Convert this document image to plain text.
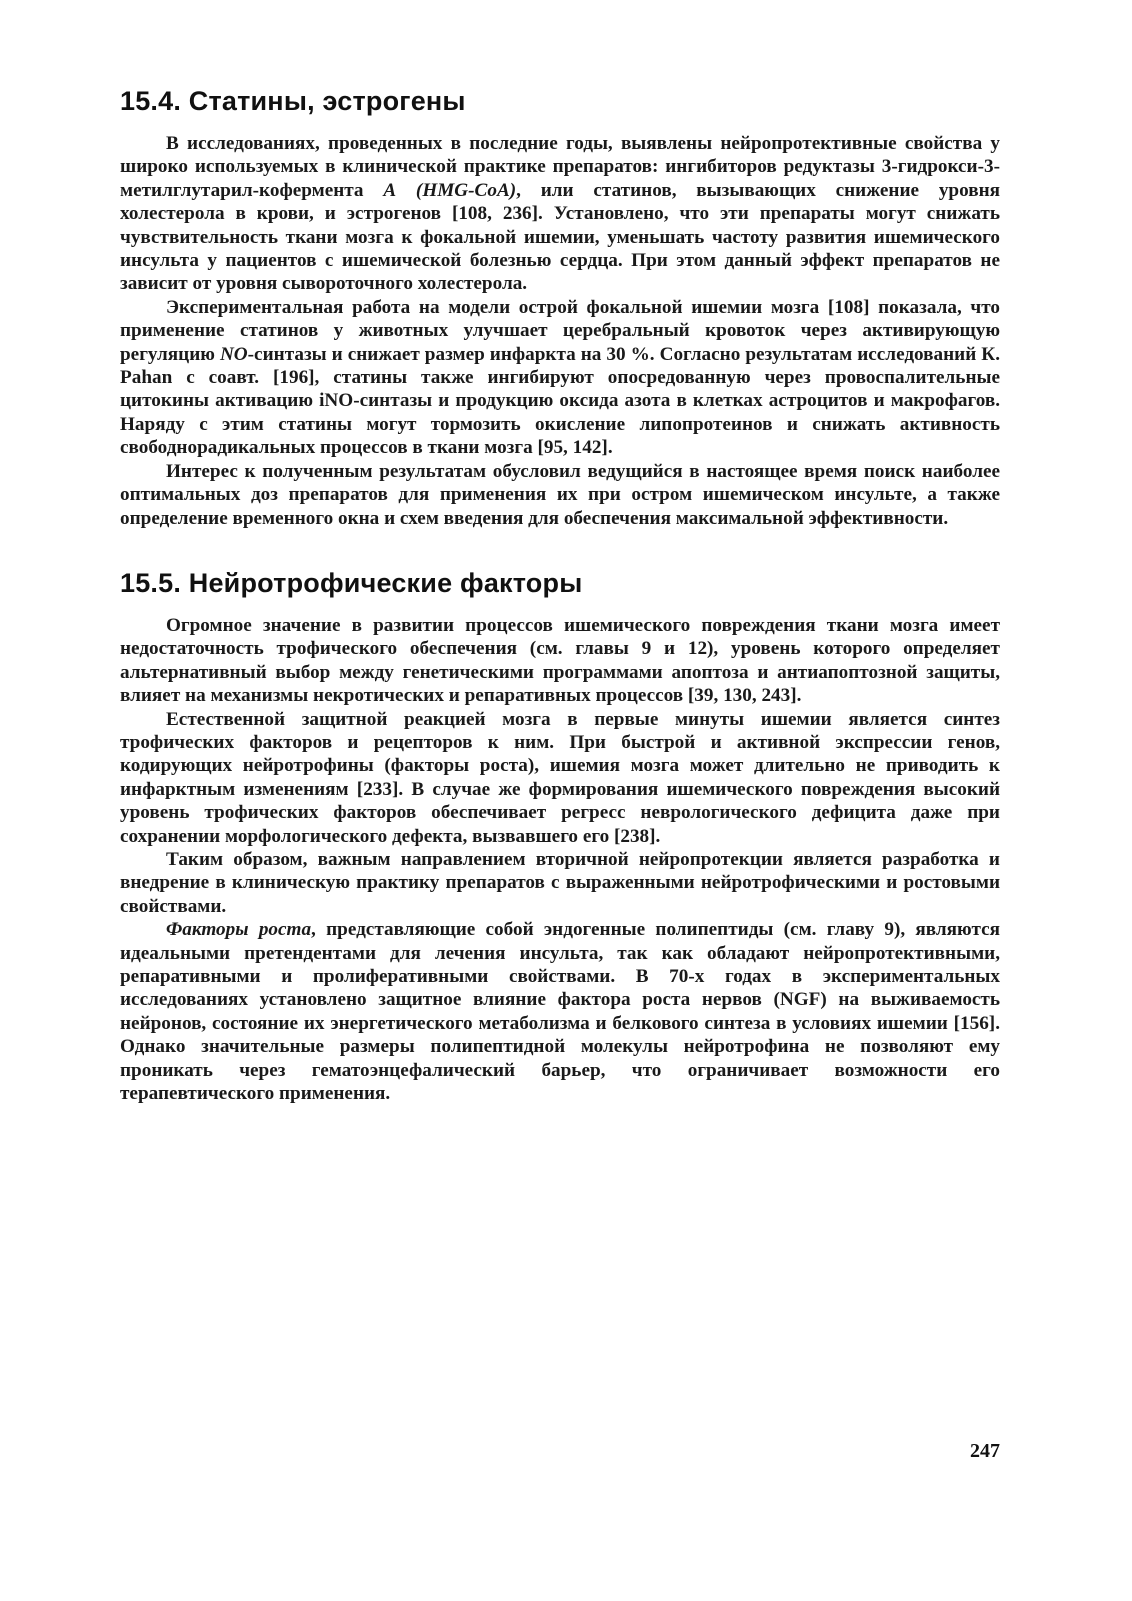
15.4. Статины, эстрогены

В исследованиях, проведенных в последние годы, выявлены нейропротективные свойства у широко используемых в клинической практике препаратов: ингибиторов редуктазы 3-гидрокси-3-метилглутарил-кофермента А (HMG-CoA), или статинов, вызывающих снижение уровня холестерола в крови, и эстрогенов [108, 236]. Установлено, что эти препараты могут снижать чувствительность ткани мозга к фокальной ишемии, уменьшать частоту развития ишемического инсульта у пациентов с ишемической болезнью сердца. При этом данный эффект препаратов не зависит от уровня сывороточного холестерола.

Экспериментальная работа на модели острой фокальной ишемии мозга [108] показала, что применение статинов у животных улучшает церебральный кровоток через активирующую регуляцию NO-синтазы и снижает размер инфаркта на 30 %. Согласно результатам исследований К. Pahan с соавт. [196], статины также ингибируют опосредованную через провоспалительные цитокины активацию iNO-синтазы и продукцию оксида азота в клетках астроцитов и макрофагов. Наряду с этим статины могут тормозить окисление липопротеинов и снижать активность свободнорадикальных процессов в ткани мозга [95, 142].

Интерес к полученным результатам обусловил ведущийся в настоящее время поиск наиболее оптимальных доз препаратов для применения их при остром ишемическом инсульте, а также определение временного окна и схем введения для обеспечения максимальной эффективности.

15.5. Нейротрофические факторы

Огромное значение в развитии процессов ишемического повреждения ткани мозга имеет недостаточность трофического обеспечения (см. главы 9 и 12), уровень которого определяет альтернативный выбор между генетическими программами апоптоза и антиапоптозной защиты, влияет на механизмы некротических и репаративных процессов [39, 130, 243].

Естественной защитной реакцией мозга в первые минуты ишемии является синтез трофических факторов и рецепторов к ним. При быстрой и активной экспрессии генов, кодирующих нейротрофины (факторы роста), ишемия мозга может длительно не приводить к инфарктным изменениям [233]. В случае же формирования ишемического повреждения высокий уровень трофических факторов обеспечивает регресс неврологического дефицита даже при сохранении морфологического дефекта, вызвавшего его [238].

Таким образом, важным направлением вторичной нейропротекции является разработка и внедрение в клиническую практику препаратов с выраженными нейротрофическими и ростовыми свойствами.

Факторы роста, представляющие собой эндогенные полипептиды (см. главу 9), являются идеальными претендентами для лечения инсульта, так как обладают нейропротективными, репаративными и пролиферативными свойствами. В 70-х годах в экспериментальных исследованиях установлено защитное влияние фактора роста нервов (NGF) на выживаемость нейронов, состояние их энергетического метаболизма и белкового синтеза в условиях ишемии [156]. Однако значительные размеры полипептидной молекулы нейротрофина не позволяют ему проникать через гематоэнцефалический барьер, что ограничивает возможности его терапевтического применения.

247
